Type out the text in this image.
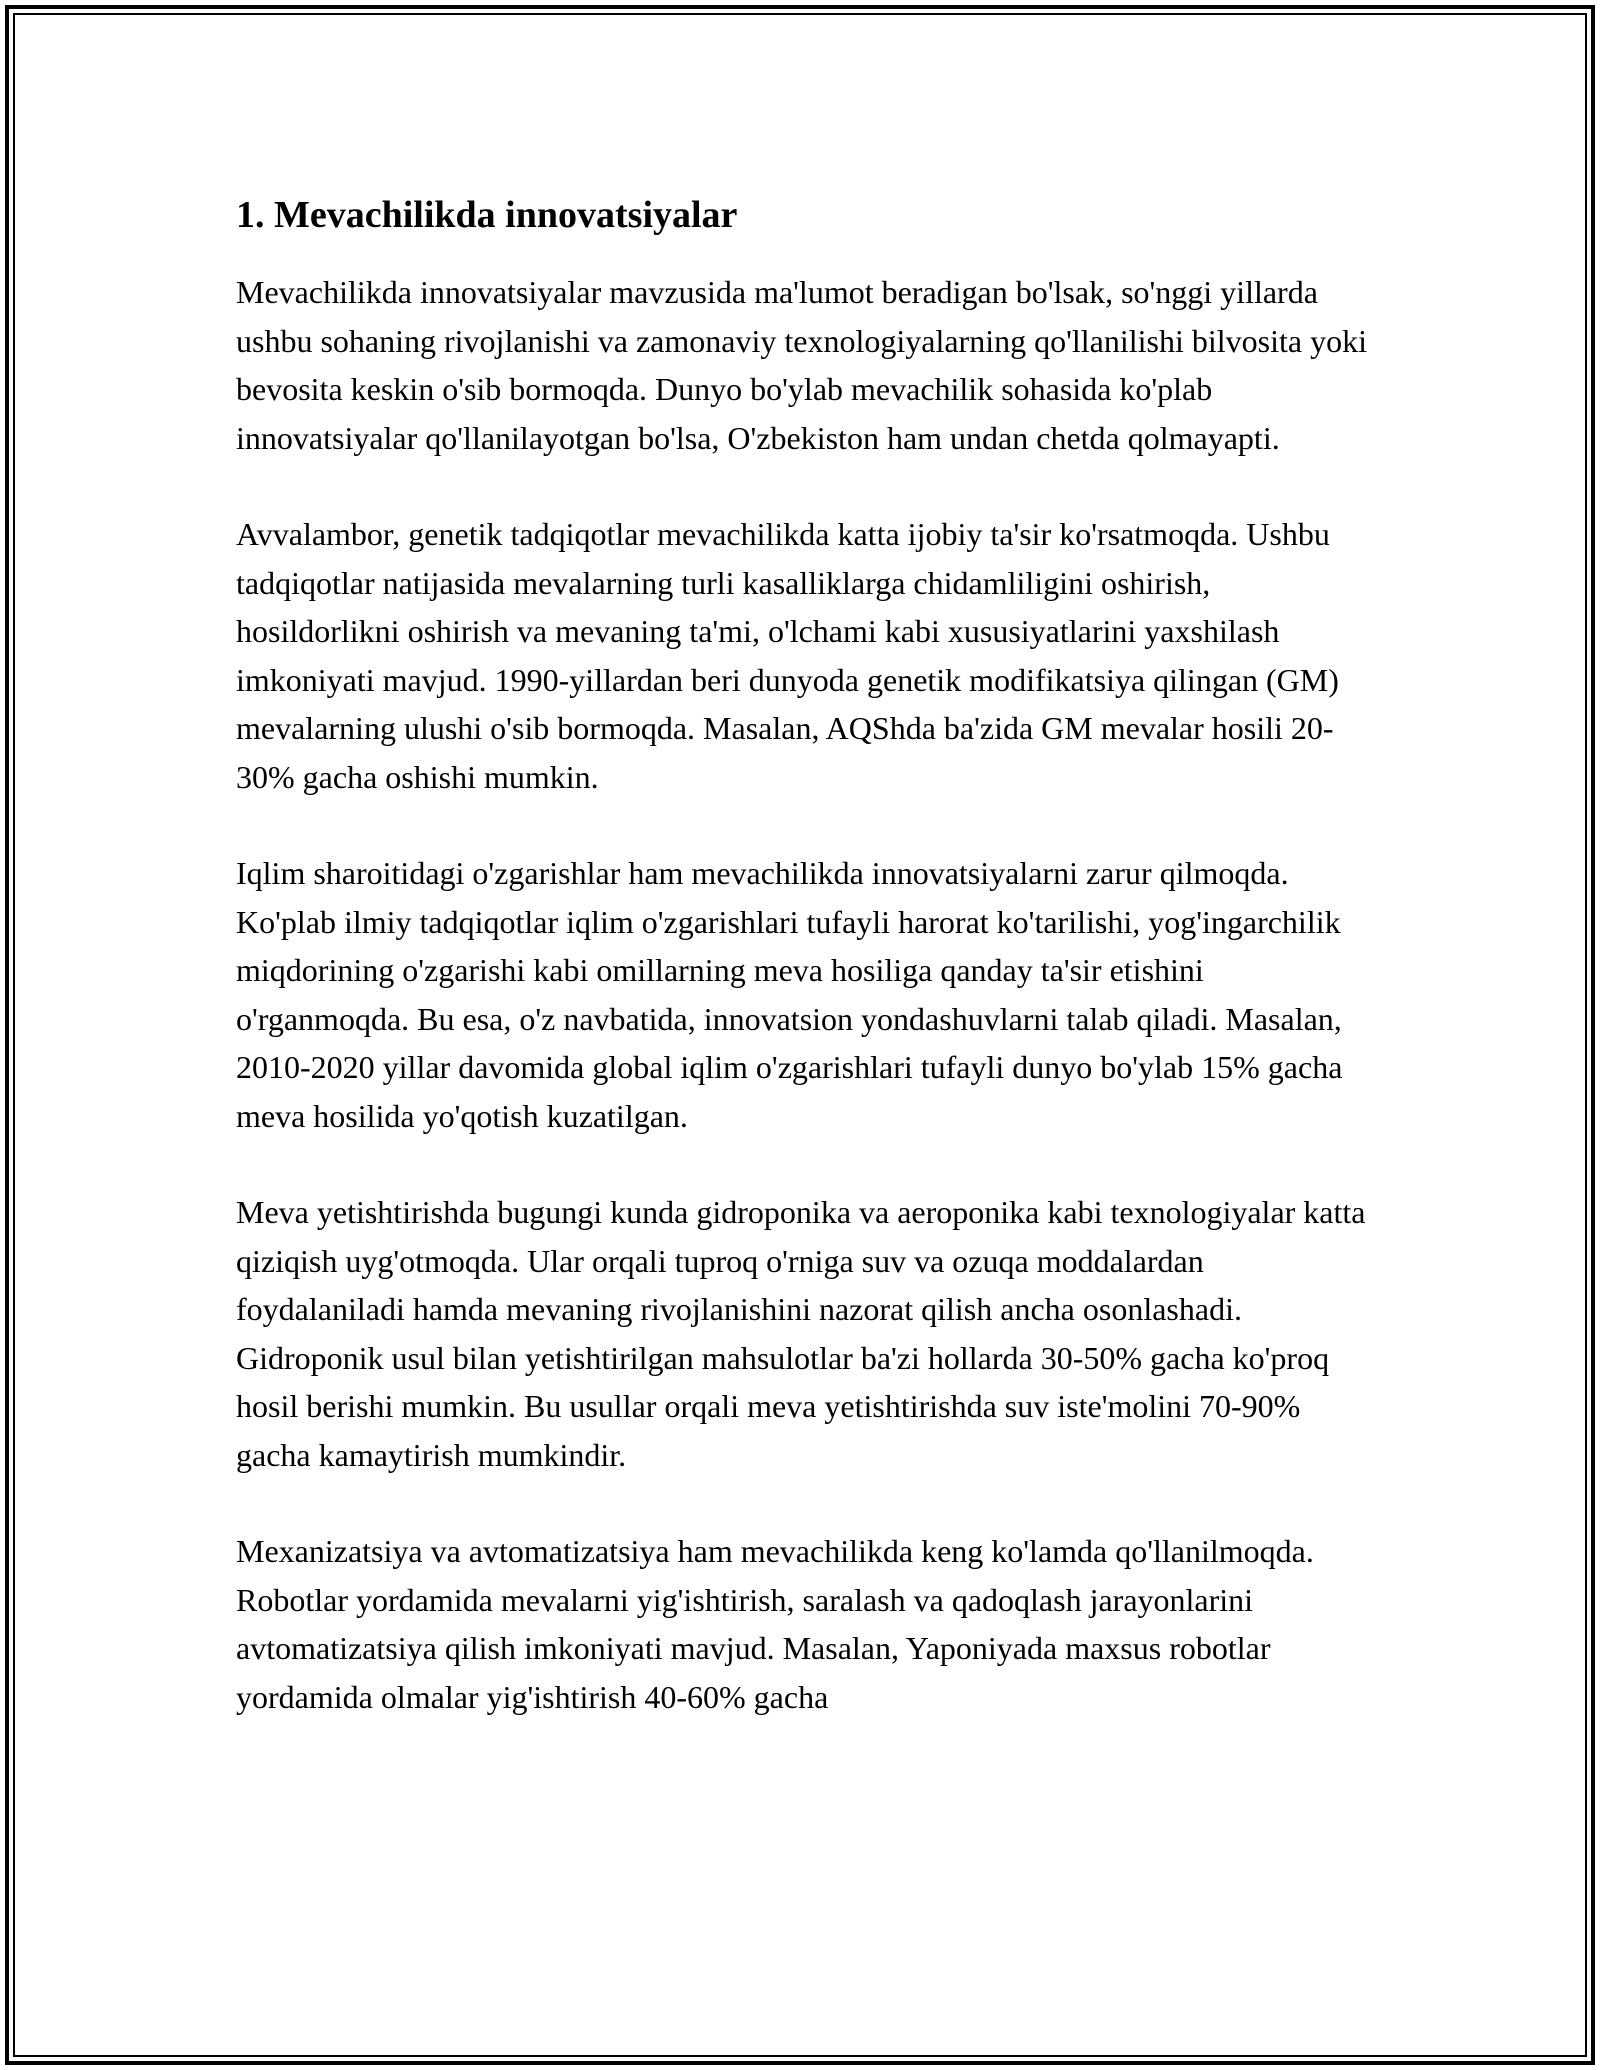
1. Mevachilikda innovatsiyalar

Mevachilikda innovatsiyalar mavzusida ma'lumot beradigan bo'lsak, so'nggi yillarda ushbu sohaning rivojlanishi va zamonaviy texnologiyalarning qo'llanilishi bilvosita yoki bevosita keskin o'sib bormoqda. Dunyo bo'ylab mevachilik sohasida ko'plab innovatsiyalar qo'llanilayotgan bo'lsa, O'zbekiston ham undan chetda qolmayapti.

Avvalambor, genetik tadqiqotlar mevachilikda katta ijobiy ta'sir ko'rsatmoqda. Ushbu tadqiqotlar natijasida mevalarning turli kasalliklarga chidamliligini oshirish, hosildorlikni oshirish va mevaning ta'mi, o'lchami kabi xususiyatlarini yaxshilash imkoniyati mavjud. 1990-yillardan beri dunyoda genetik modifikatsiya qilingan (GM) mevalarning ulushi o'sib bormoqda. Masalan, AQShda ba'zida GM mevalar hosili 20-30% gacha oshishi mumkin.

Iqlim sharoitidagi o'zgarishlar ham mevachilikda innovatsiyalarni zarur qilmoqda. Ko'plab ilmiy tadqiqotlar iqlim o'zgarishlari tufayli harorat ko'tarilishi, yog'ingarchilik miqdorining o'zgarishi kabi omillarning meva hosiliga qanday ta'sir etishini o'rganmoqda. Bu esa, o'z navbatida, innovatsion yondashuvlarni talab qiladi. Masalan, 2010-2020 yillar davomida global iqlim o'zgarishlari tufayli dunyo bo'ylab 15% gacha meva hosilida yo'qotish kuzatilgan.

Meva yetishtirishda bugungi kunda gidroponika va aeroponika kabi texnologiyalar katta qiziqish uyg'otmoqda. Ular orqali tuproq o'rniga suv va ozuqa moddalardan foydalaniladi hamda mevaning rivojlanishini nazorat qilish ancha osonlashadi. Gidroponik usul bilan yetishtirilgan mahsulotlar ba'zi hollarda 30-50% gacha ko'proq hosil berishi mumkin. Bu usullar orqali meva yetishtirishda suv iste'molini 70-90% gacha kamaytirish mumkindir.

Mexanizatsiya va avtomatizatsiya ham mevachilikda keng ko'lamda qo'llanilmoqda. Robotlar yordamida mevalarni yig'ishtirish, saralash va qadoqlash jarayonlarini avtomatizatsiya qilish imkoniyati mavjud. Masalan, Yaponiyada maxsus robotlar yordamida olmalar yig'ishtirish 40-60% gacha
